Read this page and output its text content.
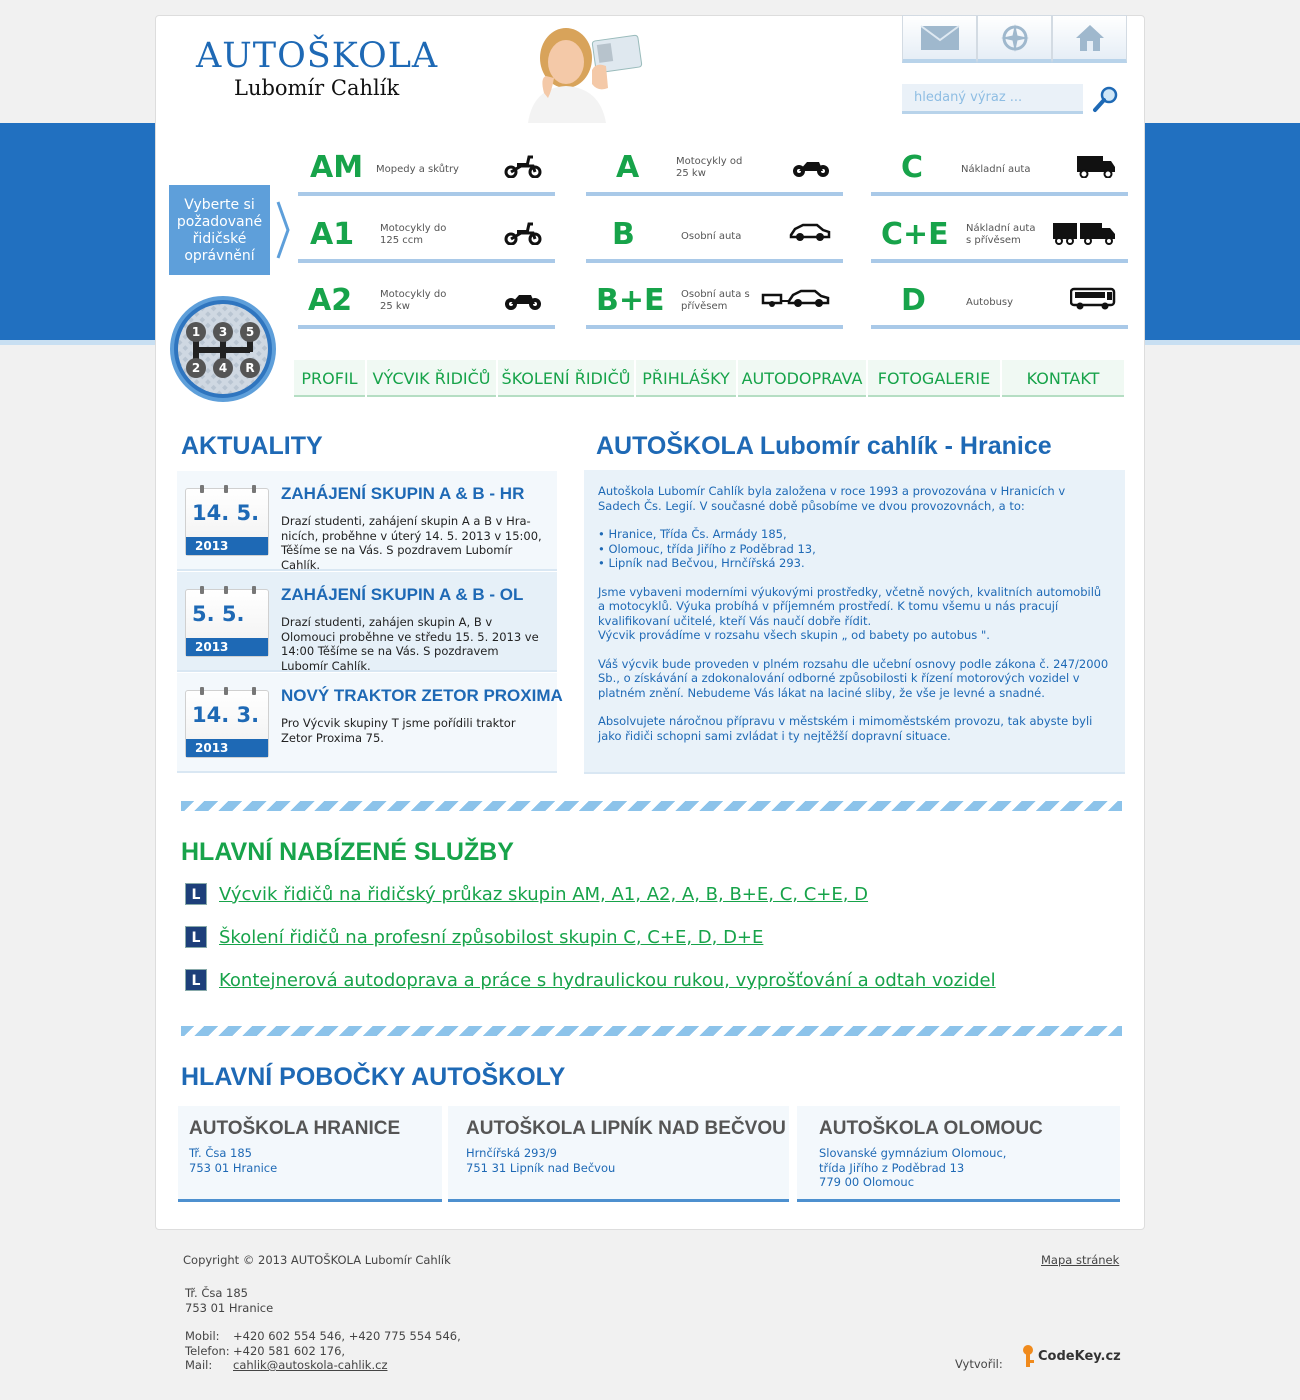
AUTOŠKOLA
Lubomír Cahlík
hledaný výraz ...
Vyberte si požadované řidičské oprávnění
AM Mopedy a skůtry
A1	Motocykly do 125 ccm
A2	Motocykly do 25 kw
A	Motocykly od 25 kw
B	Osobní auta
B+E Osobní auta s přívěsem
C	Nákladní auta
C+E Nákladní auta s přívěsem
D	Autobusy
1 3 5
2 4 R
PROFIL VÝCVIK ŘIDIČŮ ŠKOLENÍ ŘIDIČŮ PŘIHLÁŠKY AUTODOPRAVA FOTOGALERIE	KONTAKT
AKTUALITY
14. 5.
2013
ZAHÁJENÍ SKUPIN A & B - HR
Drazí studenti, zahájení skupin A a B v Hra-nicích, proběhne v úterý 14. 5. 2013 v 15:00, Těšíme se na Vás. S pozdravem Lubomír Cahlík.
5. 5.
2013
ZAHÁJENÍ SKUPIN A & B - OL
Drazí studenti, zahájen skupin A, B v Olomouci proběhne ve středu 15. 5. 2013 ve 14:00 Těšíme se na Vás. S pozdravem Lubomír Cahlík.
14. 3.
2013
NOVÝ TRAKTOR ZETOR PROXIMA
Pro Výcvik skupiny T jsme pořídili traktor Zetor Proxima 75.
AUTOŠKOLA Lubomír cahlík - Hranice

Autoškola Lubomír Cahlík byla založena v roce 1993 a provozována v Hranicích v Sadech Čs. Legií. V současné době působíme ve dvou provozovnách, a to:

• Hranice, Třída Čs. Armády 185,
• Olomouc, třída Jiřího z Poděbrad 13,
• Lipník nad Bečvou, Hrnčířská 293.

Jsme vybaveni moderními výukovými prostředky, včetně nových, kvalitních automobilů a motocyklů. Výuka probíhá v příjemném prostředí. K tomu všemu u nás pracují kvalifikovaní učitelé, kteří Vás naučí dobře řídit.

Výcvik provádíme v rozsahu všech skupin „ od babety po autobus ".

Váš výcvik bude proveden v plném rozsahu dle učební osnovy podle zákona č. 247/2000 Sb., o získávání a zdokonalování odborné způsobilosti k řízení motorových vozidel v platném znění. Nebudeme Vás lákat na laciné sliby, že vše je levné a snadné.

Absolvujete náročnou přípravu v městském i mimoměstském provozu, tak abyste byli jako řidiči schopni sami zvládat i ty nejtěžší dopravní situace.

HLAVNÍ NABÍZENÉ SLUŽBY
L	Výcvik řidičů na řidičský průkaz skupin AM, A1, A2, A, B, B+E, C, C+E, D
L	Školení řidičů na profesní způsobilost skupin C, C+E, D, D+E
L	Kontejnerová autodoprava a práce s hydraulickou rukou, vyprošťování a odtah vozidel
HLAVNÍ POBOČKY AUTOŠKOLY
AUTOŠKOLA HRANICE
Tř. Čsa 185
753 01 Hranice
AUTOŠKOLA LIPNÍK NAD BEČVOU
Hrnčířská 293/9
751 31 Lipník nad Bečvou
AUTOŠKOLA OLOMOUC
Slovanské gymnázium Olomouc,
třída Jiřího z Poděbrad 13
779 00 Olomouc
Copyright © 2013 AUTOŠKOLA Lubomír Cahlík	Mapa stránek
Tř. Čsa 185
753 01 Hranice
Mobil: +420 602 554 546, +420 775 554 546,
Telefon: +420 581 602 176,
Mail: cahlik@autoskola-cahlik.cz	Vytvořil:
CodeKey.cz
